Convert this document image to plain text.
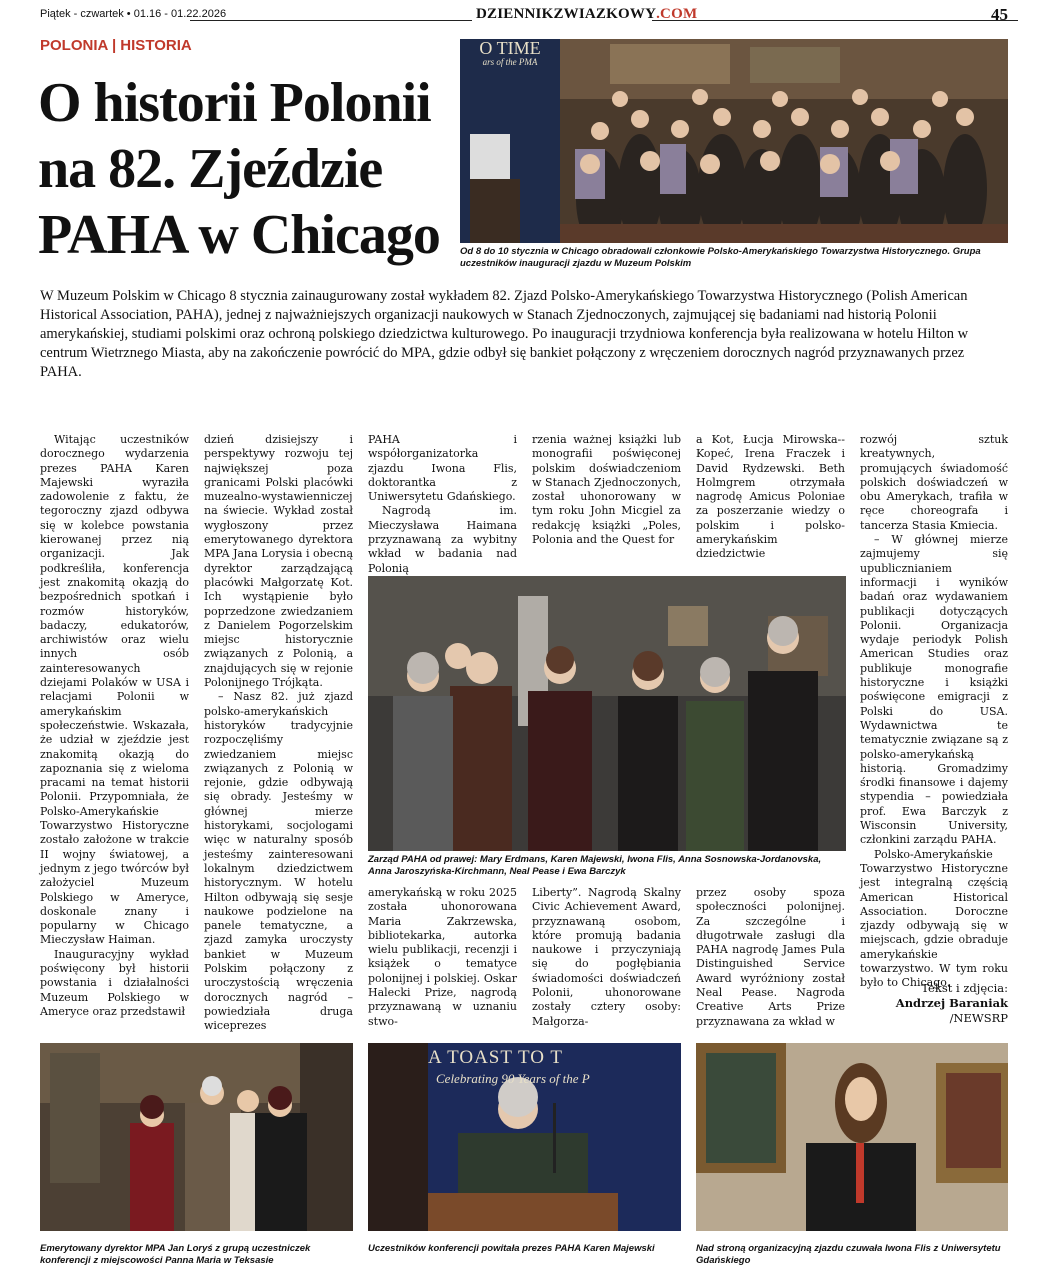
Piątek - czwartek • 01.16 - 01.22.2026	DZIENNIKZWIAZKOWY.COM	45
POLONIA | HISTORIA
O historii Polonii na 82. Zjeździe PAHA w Chicago
O TIME
ars of the PMA
Od 8 do 10 stycznia w Chicago obradowali członkowie Polsko-Amerykańskiego Towarzystwa Historycznego. Grupa uczestników inauguracji zjazdu w Muzeum Polskim

W Muzeum Polskim w Chicago 8 stycznia zainaugurowany został wykładem 82. Zjazd Polsko-Amerykańskiego Towarzystwa Historycznego (Polish American Historical Association, PAHA), jednej z najważniejszych organizacji naukowych w Stanach Zjednoczonych, zajmującej się badaniami nad historią Polonii amerykańskiej, studiami polskimi oraz ochroną polskiego dziedzictwa kulturowego. Po inauguracji trzydniowa konferencja była realizowana w hotelu Hilton w centrum Wietrznego Miasta, aby na zakończenie powrócić do MPA, gdzie odbył się bankiet połączony z wręczeniem dorocznych nagród przyznawanych przez PAHA.

Witając uczestników dorocznego wydarzenia prezes PAHA Karen Majewski wyraziła zadowolenie z faktu, że tegoroczny zjazd odbywa się w kolebce powstania kierowanej przez nią organizacji. Jak podkreśliła, konferencja jest znakomitą okazją do bezpośrednich spotkań i rozmów historyków, badaczy, edukatorów, archiwistów oraz wielu innych osób zainteresowanych dziejami Polaków w USA i relacjami Polonii w amerykańskim społeczeństwie. Wskazała, że udział w zjeździe jest znakomitą okazją do zapoznania się z wieloma pracami na temat historii Polonii. Przypomniała, że Polsko-Amerykańskie Towarzystwo Historyczne zostało założone w trakcie II wojny światowej, a jednym z jego twórców był założyciel Muzeum Polskiego w Ameryce, doskonale znany i popularny w Chicago Mieczysław Haiman.

Inauguracyjny wykład poświęcony był historii powstania i działalności Muzeum Polskiego w Ameryce oraz przedstawił

dzień dzisiejszy i perspektywy rozwoju tej największej poza granicami Polski placówki muzealno-wystawienniczej na świecie. Wykład został wygłoszony przez emerytowanego dyrektora MPA Jana Lorysia i obecną dyrektor zarządzającą placówki Małgorzatę Kot. Ich wystąpienie było poprzedzone zwiedzaniem z Danielem Pogorzelskim miejsc historycznie związanych z Polonią, a znajdujących się w rejonie Polonijnego Trójkąta.

– Nasz 82. już zjazd polsko-amerykańskich historyków tradycyjnie rozpoczęliśmy zwiedzaniem miejsc związanych z Polonią w rejonie, gdzie odbywają się obrady. Jesteśmy w głównej mierze historykami, socjologami więc w naturalny sposób jesteśmy zainteresowani lokalnym dziedzictwem historycznym. W hotelu Hilton odbywają się sesje naukowe podzielone na panele tematyczne, a zjazd zamyka uroczysty bankiet w Muzeum Polskim połączony z uroczystością wręczenia dorocznych nagród – powiedziała druga wiceprezes

PAHA i współorganizatorka zjazdu Iwona Flis, doktorantka z Uniwersytetu Gdańskiego.

Nagrodą im. Mieczysława Haimana przyznawaną za wybitny wkład w badania nad Polonią

rzenia ważnej książki lub monografii poświęconej polskim doświadczeniom w Stanach Zjednoczonych, został uhonorowany w tym roku John Micgiel za redakcję książki „Poles, Polonia and the Quest for

a Kot, Łucja Mirowska--Kopeć, Irena Fraczek i David Rydzewski. Beth Holmgrem otrzymała nagrodę Amicus Poloniae za poszerzanie wiedzy o polskim i polsko-amerykańskim dziedzictwie

rozwój sztuk kreatywnych, promujących świadomość polskich doświadczeń w obu Amerykach, trafiła w ręce choreografa i tancerza Stasia Kmiecia.

– W głównej mierze zajmujemy się upublicznianiem informacji i wyników badań oraz wydawaniem publikacji dotyczących Polonii. Organizacja wydaje periodyk Polish American Studies oraz publikuje monografie historyczne i książki poświęcone emigracji z Polski do USA. Wydawnictwa te tematycznie związane są z polsko-amerykańską historią. Gromadzimy środki finansowe i dajemy stypendia – powiedziała prof. Ewa Barczyk z Wisconsin University, członkini zarządu PAHA.

Polsko-Amerykańskie Towarzystwo Historyczne jest integralną częścią American Historical Association. Doroczne zjazdy odbywają się w miejscach, gdzie obraduje amerykańskie towarzystwo. W tym roku było to Chicago.

Zarząd PAHA od prawej: Mary Erdmans, Karen Majewski, Iwona Flis, Anna Sosnowska-Jordanovska, Anna Jaroszyńska-Kirchmann, Neal Pease i Ewa Barczyk

amerykańską w roku 2025 została uhonorowana Maria Zakrzewska, bibliotekarka, autorka wielu publikacji, recenzji i książek o tematyce polonijnej i polskiej. Oskar Halecki Prize, nagrodą przyznawaną w uznaniu stwo-

Liberty”. Nagrodą Skalny Civic Achievement Award, przyznawaną osobom, które promują badania naukowe i przyczyniają się do pogłębiania świadomości doświadczeń Polonii, uhonorowane zostały cztery osoby: Małgorza-

przez osoby spoza społeczności polonijnej. Za szczególne i długotrwałe zasługi dla PAHA nagrodę James Pula Distinguished Service Award wyróżniony został Neal Pease. Nagroda Creative Arts Prize przyznawana za wkład w

Tekst i zdjęcia:
Andrzej Baraniak
/NEWSRP
Emerytowany dyrektor MPA Jan Loryś z grupą uczestniczek konferencji z miejscowości Panna Maria w Teksasie
A TOAST TO T
Celebrating 90 Years of the P
Uczestników konferencji powitała prezes PAHA Karen Majewski	Nad stroną organizacyjną zjazdu czuwała Iwona Flis z Uniwersytetu Gdańskiego
